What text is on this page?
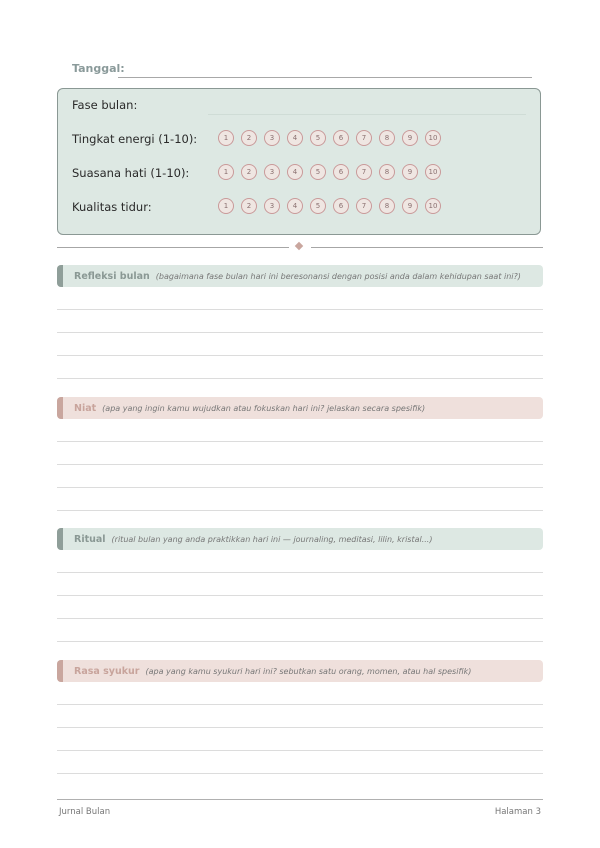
Tanggal:
Fase bulan:
Tingkat energi (1-10):	1	2	3	4	5	6	7	8	9	10
Suasana hati (1-10):	1	2	3	4	5	6	7	8	9	10
Kualitas tidur:	1	2	3	4	5	6	7	8	9	10
Refleksi bulan (bagaimana fase bulan hari ini beresonansi dengan posisi anda dalam kehidupan saat ini?)
Niat (apa yang ingin kamu wujudkan atau fokuskan hari ini? jelaskan secara spesifik)
Ritual (ritual bulan yang anda praktikkan hari ini — journaling, meditasi, lilin, kristal...)
Rasa syukur (apa yang kamu syukuri hari ini? sebutkan satu orang, momen, atau hal spesifik)
Jurnal Bulan	Halaman 3
